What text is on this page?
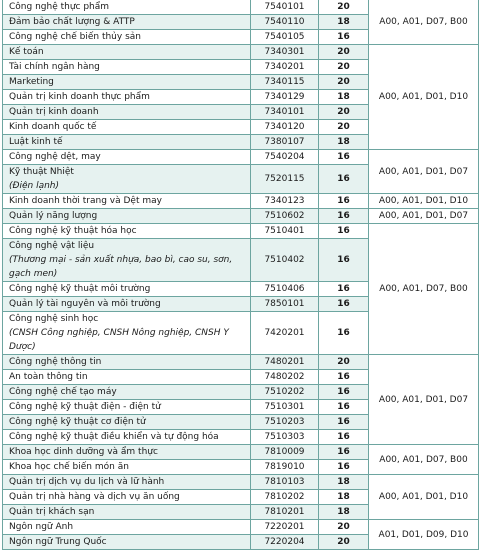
Công nghệ thực phẩm	7540101	20	A00, A01, D07, B00
Đảm bảo chất lượng & ATTP	7540110	18	
Công nghệ chế biến thủy sản	7540105	16	
Kế toán	7340301	20	A00, A01, D01, D10
Tài chính ngân hàng	7340201	20	
Marketing	7340115	20	
Quản trị kinh doanh thực phẩm	7340129	18	
Quản trị kinh doanh	7340101	20	
Kinh doanh quốc tế	7340120	20	
Luật kinh tế	7380107	18	
Công nghệ dệt, may	7540204	16	A00, A01, D01, D07
Kỹ thuật Nhiệt
(Điện lạnh)	7520115	16	
Kinh doanh thời trang và Dệt may	7340123	16	A00, A01, D01, D10
Quản lý năng lượng	7510602	16	A00, A01, D01, D07
Công nghệ kỹ thuật hóa học	7510401	16	A00, A01, D07, B00
Công nghệ vật liệu
(Thương mại - sản xuất nhựa, bao bì, cao su, sơn, gạch men)	7510402	16	
Công nghệ kỹ thuật môi trường	7510406	16	
Quản lý tài nguyên và môi trường	7850101	16	
Công nghệ sinh học
(CNSH Công nghiệp, CNSH Nông nghiệp, CNSH Y Dược)	7420201	16	
Công nghệ thông tin	7480201	20	A00, A01, D01, D07
An toàn thông tin	7480202	16	
Công nghệ chế tạo máy	7510202	16	
Công nghệ kỹ thuật điện - điện tử	7510301	16	
Công nghệ kỹ thuật cơ điện tử	7510203	16	
Công nghệ kỹ thuật điều khiển và tự động hóa	7510303	16	
Khoa học dinh dưỡng và ẩm thực	7810009	16	A00, A01, D07, B00
Khoa học chế biến món ăn	7819010	16	
Quản trị dịch vụ du lịch và lữ hành	7810103	18	A00, A01, D01, D10
Quản trị nhà hàng và dịch vụ ăn uống	7810202	18	
Quản trị khách sạn	7810201	18	
Ngôn ngữ Anh	7220201	20	A01, D01, D09, D10
Ngôn ngữ Trung Quốc	7220204	20	
